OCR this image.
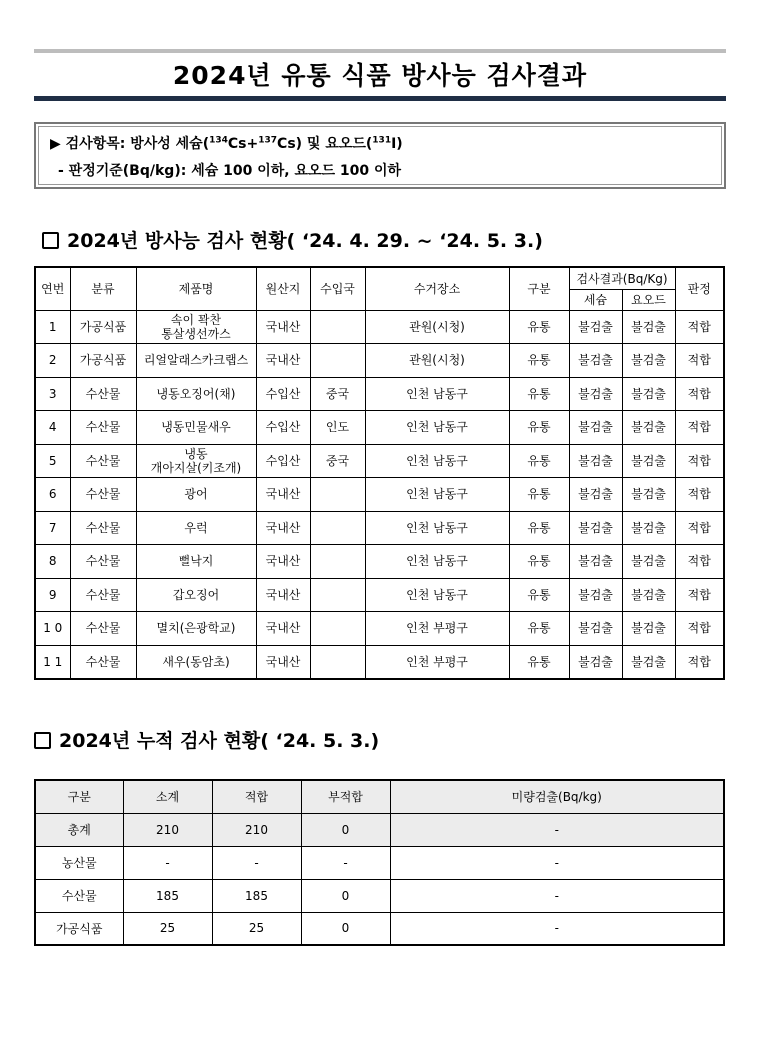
2024년 유통 식품 방사능 검사결과
▶ 검사항목: 방사성 세슘($^{134}$Cs+$^{137}$Cs) 및 요오드($^{131}$I)
- 판정기준(Bq/kg): 세슘 100 이하, 요오드 100 이하
2024년 방사능 검사 현황( ‘24. 4. 29. ~ ‘24. 5. 3.)
연번	분류	제품명	원산지	수입국	수거장소	구분	검사결과(Bq/Kg)		판정
							세슘	요오드	
1	가공식품	속이 꽉찬
통살생선까스	국내산		관원(시청)	유통	불검출	불검출	적합
2	가공식품	리얼알래스카크랩스	국내산		관원(시청)	유통	불검출	불검출	적합
3	수산물	냉동오징어(채)	수입산	중국	인천 남동구	유통	불검출	불검출	적합
4	수산물	냉동민물새우	수입산	인도	인천 남동구	유통	불검출	불검출	적합
5	수산물	냉동
개아지살(키조개)	수입산	중국	인천 남동구	유통	불검출	불검출	적합
6	수산물	광어	국내산		인천 남동구	유통	불검출	불검출	적합
7	수산물	우럭	국내산		인천 남동구	유통	불검출	불검출	적합
8	수산물	뻘낙지	국내산		인천 남동구	유통	불검출	불검출	적합
9	수산물	갑오징어	국내산		인천 남동구	유통	불검출	불검출	적합
1 0	수산물	멸치(은광학교)	국내산		인천 부평구	유통	불검출	불검출	적합
1 1	수산물	새우(동암초)	국내산		인천 부평구	유통	불검출	불검출	적합
2024년 누적 검사 현황( ‘24. 5. 3.)
구분	소계	적합	부적합	미량검출(Bq/kg)
총계	210	210	0	-
농산물	-	-	-	-
수산물	185	185	0	-
가공식품	25	25	0	-
